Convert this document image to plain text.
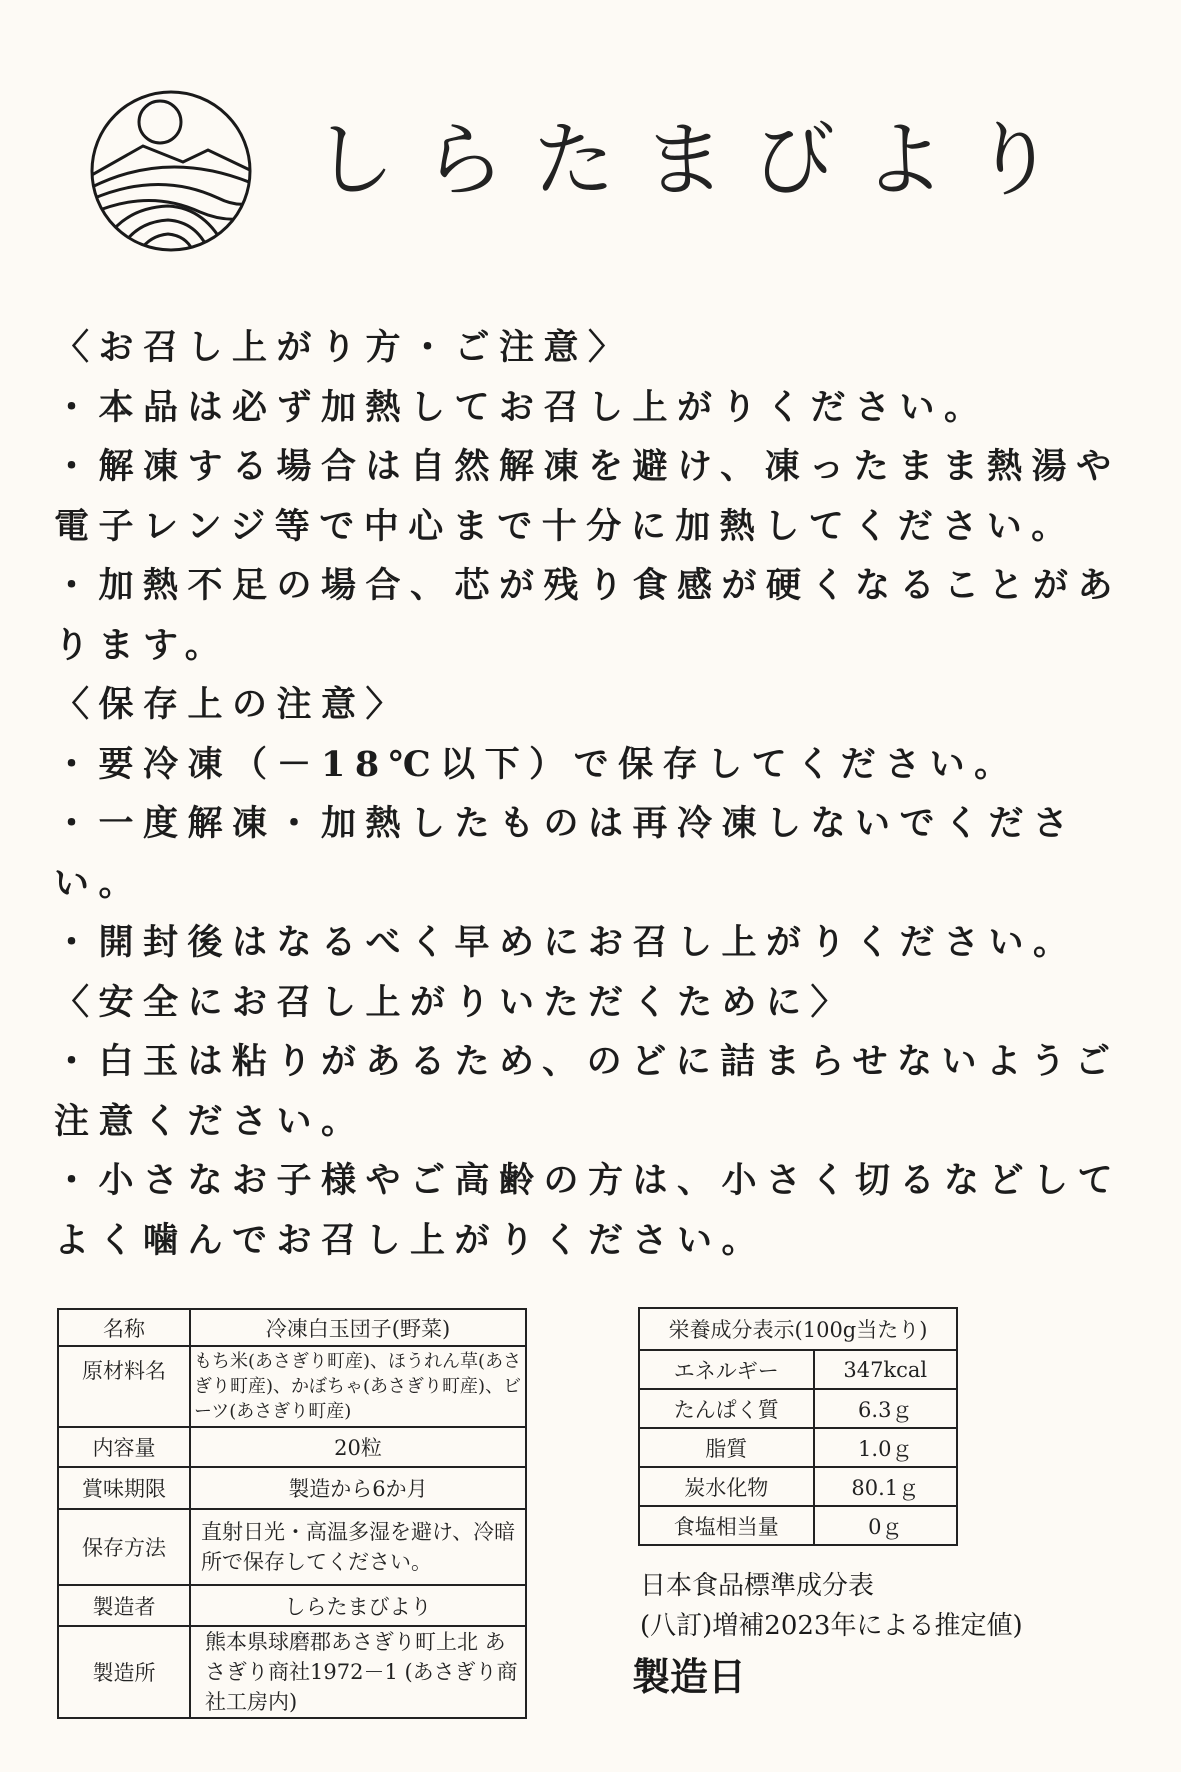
しらたまびより
〈お召し上がり方・ご注意〉
・本品は必ず加熱してお召し上がりください。
・解凍する場合は自然解凍を避け、凍ったまま熱湯や
電子レンジ等で中心まで十分に加熱してください。
・加熱不足の場合、芯が残り食感が硬くなることがあ
ります。
〈保存上の注意〉
・要冷凍（－18℃以下）で保存してください。
・一度解凍・加熱したものは再冷凍しないでくださ
い。
・開封後はなるべく早めにお召し上がりください。
〈安全にお召し上がりいただくために〉
・白玉は粘りがあるため、のどに詰まらせないようご
注意ください。
・小さなお子様やご高齢の方は、小さく切るなどして
よく噛んでお召し上がりください。
名称	冷凍白玉団子(野菜)
原材料名	もち米(あさぎり町産)、ほうれん草(あさぎり町産)、かぼちゃ(あさぎり町産)、ビーツ(あさぎり町産)
内容量	20粒
賞味期限	製造から6か月
保存方法	直射日光・高温多湿を避け、冷暗所で保存してください。
製造者	しらたまびより
製造所	熊本県球磨郡あさぎり町上北 あさぎり商社1972－1 (あさぎり商社工房内)
栄養成分表示(100g当たり)	
エネルギー	347kcal
たんぱく質	6.3ｇ
脂質	1.0ｇ
炭水化物	80.1ｇ
食塩相当量	0ｇ
日本食品標準成分表
(八訂)増補2023年による推定値)
製造日
